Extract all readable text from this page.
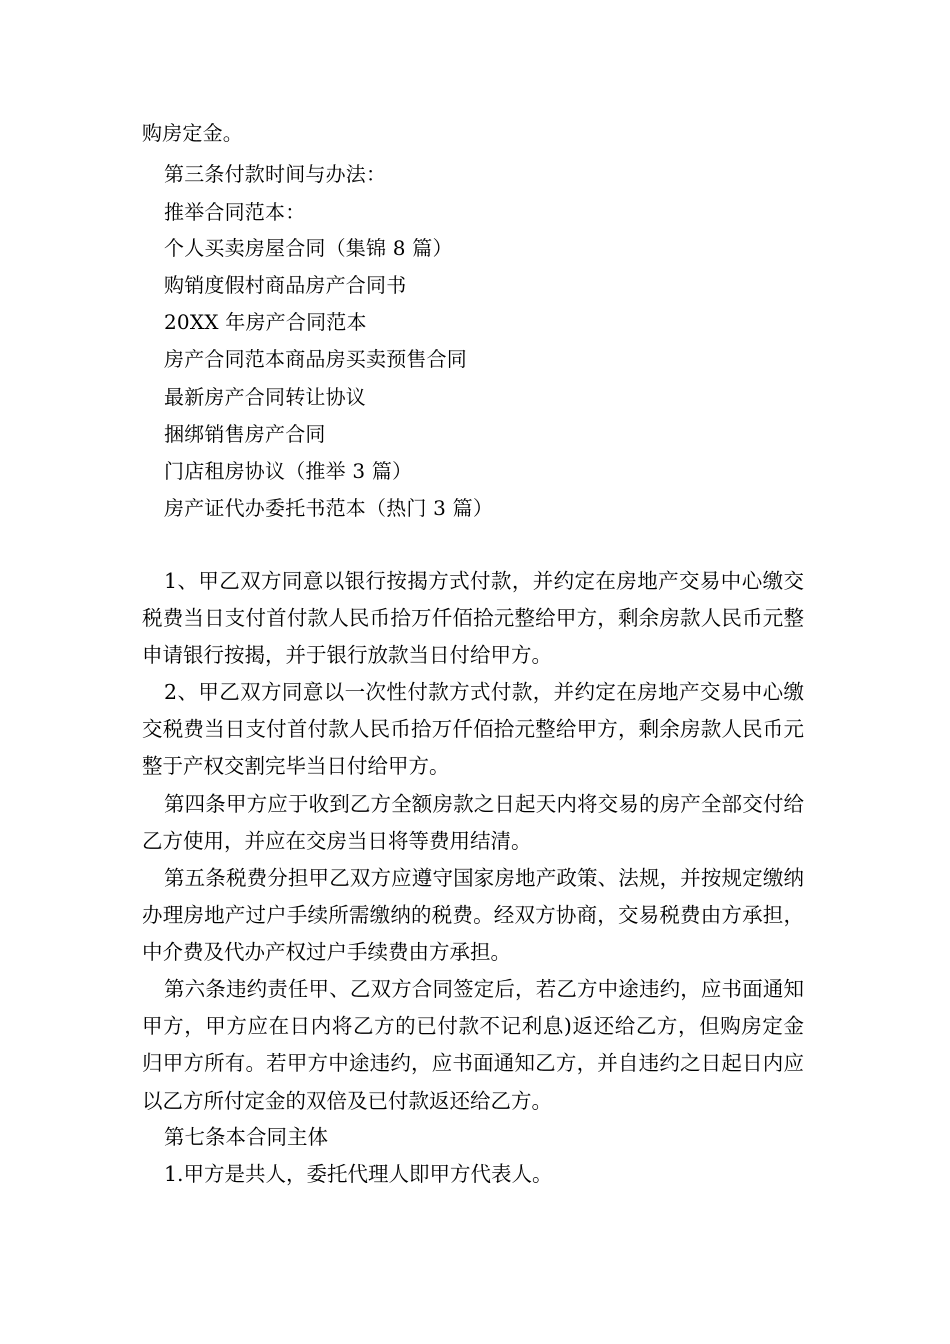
购房定金。
第三条付款时间与办法：
推举合同范本：
个人买卖房屋合同（集锦 8 篇）
购销度假村商品房产合同书
20XX 年房产合同范本
房产合同范本商品房买卖预售合同
最新房产合同转让协议
捆绑销售房产合同
门店租房协议（推举 3 篇）
房产证代办委托书范本（热门 3 篇）
1、甲乙双方同意以银行按揭方式付款，并约定在房地产交易中心缴交税费当日支付首付款人民币拾万仟佰拾元整给甲方，剩余房款人民币元整申请银行按揭，并于银行放款当日付给甲方。
2、甲乙双方同意以一次性付款方式付款，并约定在房地产交易中心缴交税费当日支付首付款人民币拾万仟佰拾元整给甲方，剩余房款人民币元整于产权交割完毕当日付给甲方。
第四条甲方应于收到乙方全额房款之日起天内将交易的房产全部交付给乙方使用，并应在交房当日将等费用结清。
第五条税费分担甲乙双方应遵守国家房地产政策、法规，并按规定缴纳办理房地产过户手续所需缴纳的税费。经双方协商，交易税费由方承担，中介费及代办产权过户手续费由方承担。
第六条违约责任甲、乙双方合同签定后，若乙方中途违约，应书面通知甲方，甲方应在日内将乙方的已付款不记利息)返还给乙方，但购房定金归甲方所有。若甲方中途违约，应书面通知乙方，并自违约之日起日内应以乙方所付定金的双倍及已付款返还给乙方。
第七条本合同主体
1.甲方是共人，委托代理人即甲方代表人。
